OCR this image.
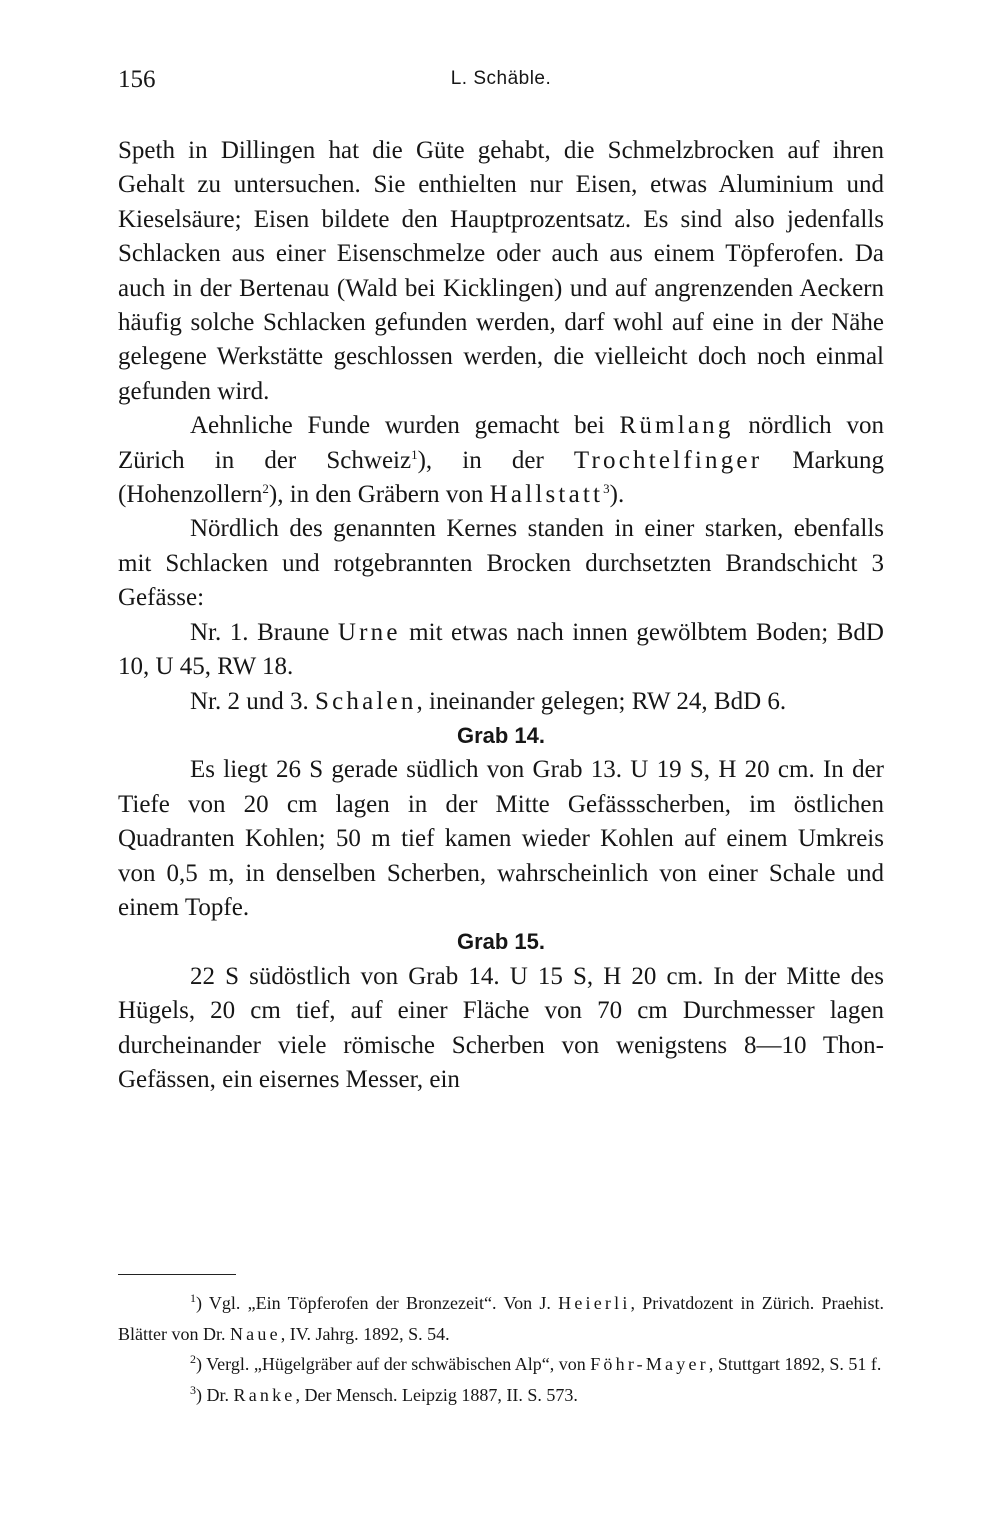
156	L. Schäble.

Speth in Dillingen hat die Güte gehabt, die Schmelzbrocken auf ihren Gehalt zu untersuchen. Sie enthielten nur Eisen, etwas Aluminium und Kieselsäure; Eisen bildete den Hauptprozentsatz. Es sind also jedenfalls Schlacken aus einer Eisenschmelze oder auch aus einem Töpferofen. Da auch in der Bertenau (Wald bei Kicklingen) und auf angrenzenden Aeckern häufig solche Schlacken gefunden werden, darf wohl auf eine in der Nähe gelegene Werkstätte geschlossen werden, die vielleicht doch noch einmal gefunden wird.

Aehnliche Funde wurden gemacht bei Rümlang nördlich von Zürich in der Schweiz$^1$), in der Trochtelfinger Markung (Hohenzollern$^2$), in den Gräbern von Hallstatt$^3$).

Nördlich des genannten Kernes standen in einer starken, ebenfalls mit Schlacken und rotgebrannten Brocken durchsetzten Brandschicht 3 Gefässe:

Nr. 1. Braune Urne mit etwas nach innen gewölbtem Boden; BdD 10, U 45, RW 18.

Nr. 2 und 3. Schalen, ineinander gelegen; RW 24, BdD 6.

Grab 14.

Es liegt 26 S gerade südlich von Grab 13. U 19 S, H 20 cm. In der Tiefe von 20 cm lagen in der Mitte Gefässscherben, im östlichen Quadranten Kohlen; 50 m tief kamen wieder Kohlen auf einem Umkreis von 0,5 m, in denselben Scherben, wahrscheinlich von einer Schale und einem Topfe.

Grab 15.

22 S südöstlich von Grab 14. U 15 S, H 20 cm. In der Mitte des Hügels, 20 cm tief, auf einer Fläche von 70 cm Durchmesser lagen durcheinander viele römische Scherben von wenigstens 8—10 Thon-Gefässen, ein eisernes Messer, ein

$^1$) Vgl. „Ein Töpferofen der Bronzezeit“. Von J. Heierli, Privatdozent in Zürich. Praehist. Blätter von Dr. Naue, IV. Jahrg. 1892, S. 54.

$^2$) Vergl. „Hügelgräber auf der schwäbischen Alp“, von Föhr-Mayer, Stuttgart 1892, S. 51 f.

$^3$) Dr. Ranke, Der Mensch. Leipzig 1887, II. S. 573.
